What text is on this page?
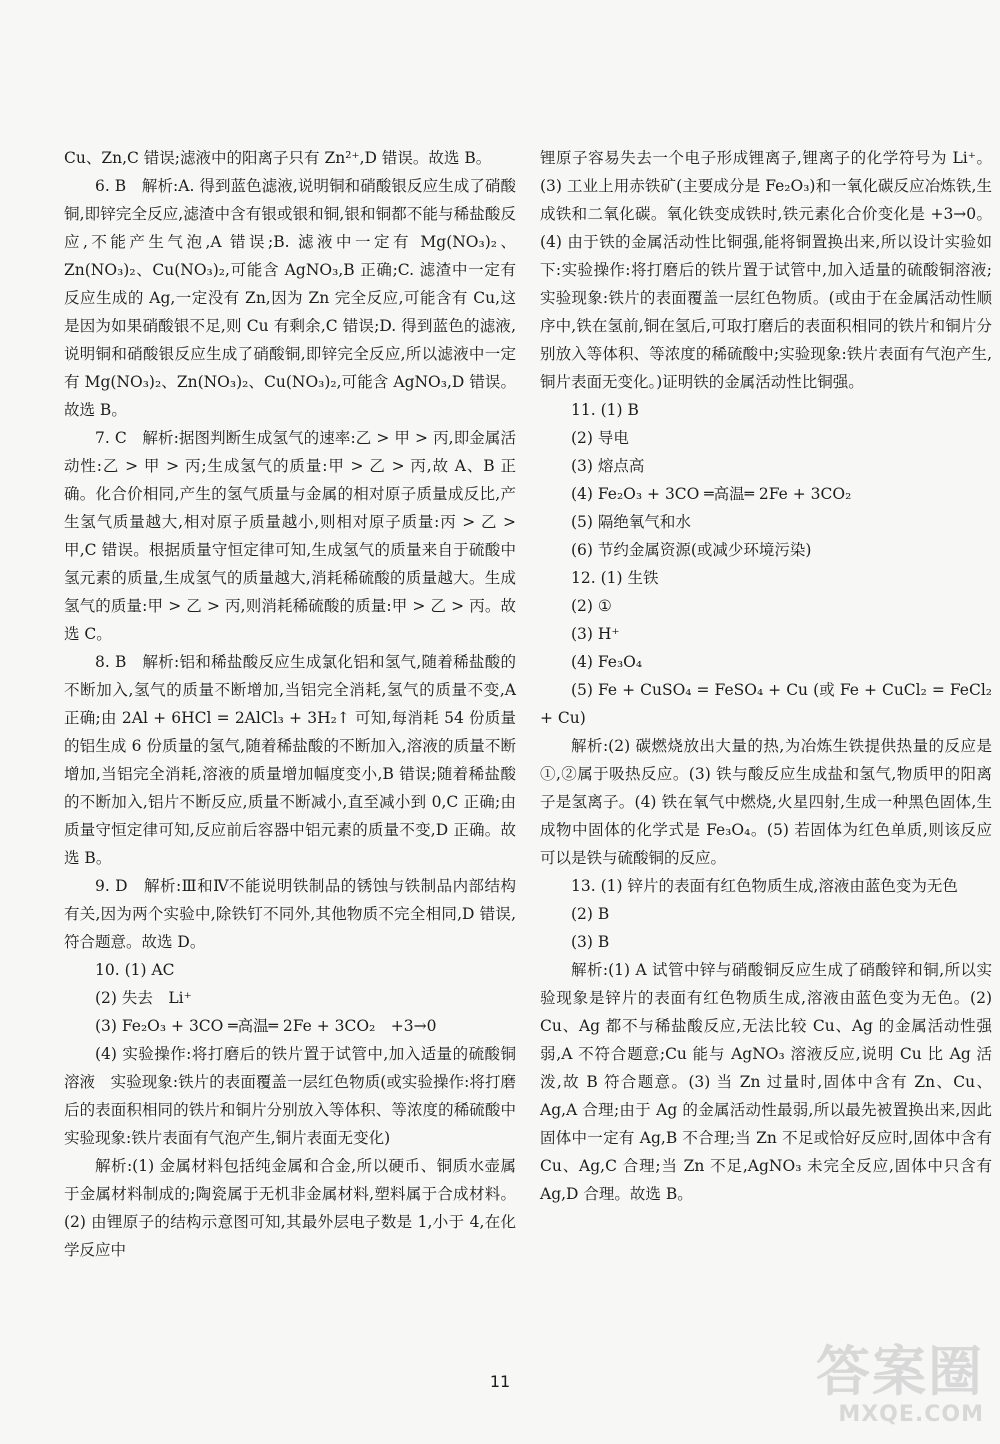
Cu、Zn,C 错误;滤液中的阳离子只有 Zn²⁺,D 错误。故选 B。

6. B　解析:A. 得到蓝色滤液,说明铜和硝酸银反应生成了硝酸铜,即锌完全反应,滤渣中含有银或银和铜,银和铜都不能与稀盐酸反应,不能产生气泡,A 错误;B. 滤液中一定有 Mg(NO₃)₂、Zn(NO₃)₂、Cu(NO₃)₂,可能含 AgNO₃,B 正确;C. 滤渣中一定有反应生成的 Ag,一定没有 Zn,因为 Zn 完全反应,可能含有 Cu,这是因为如果硝酸银不足,则 Cu 有剩余,C 错误;D. 得到蓝色的滤液,说明铜和硝酸银反应生成了硝酸铜,即锌完全反应,所以滤液中一定有 Mg(NO₃)₂、Zn(NO₃)₂、Cu(NO₃)₂,可能含 AgNO₃,D 错误。故选 B。

7. C　解析:据图判断生成氢气的速率:乙 > 甲 > 丙,即金属活动性:乙 > 甲 > 丙;生成氢气的质量:甲 > 乙 > 丙,故 A、B 正确。化合价相同,产生的氢气质量与金属的相对原子质量成反比,产生氢气质量越大,相对原子质量越小,则相对原子质量:丙 > 乙 > 甲,C 错误。根据质量守恒定律可知,生成氢气的质量来自于硫酸中氢元素的质量,生成氢气的质量越大,消耗稀硫酸的质量越大。生成氢气的质量:甲 > 乙 > 丙,则消耗稀硫酸的质量:甲 > 乙 > 丙。故选 C。

8. B　解析:铝和稀盐酸反应生成氯化铝和氢气,随着稀盐酸的不断加入,氢气的质量不断增加,当铝完全消耗,氢气的质量不变,A 正确;由 2Al + 6HCl = 2AlCl₃ + 3H₂↑ 可知,每消耗 54 份质量的铝生成 6 份质量的氢气,随着稀盐酸的不断加入,溶液的质量不断增加,当铝完全消耗,溶液的质量增加幅度变小,B 错误;随着稀盐酸的不断加入,铝片不断反应,质量不断减小,直至减小到 0,C 正确;由质量守恒定律可知,反应前后容器中铝元素的质量不变,D 正确。故选 B。

9. D　解析:Ⅲ和Ⅳ不能说明铁制品的锈蚀与铁制品内部结构有关,因为两个实验中,除铁钉不同外,其他物质不完全相同,D 错误,符合题意。故选 D。

10. (1) AC

(2) 失去　Li⁺

(3) Fe₂O₃ + 3CO ═高温═ 2Fe + 3CO₂　+3→0

(4) 实验操作:将打磨后的铁片置于试管中,加入适量的硫酸铜溶液　实验现象:铁片的表面覆盖一层红色物质(或实验操作:将打磨后的表面积相同的铁片和铜片分别放入等体积、等浓度的稀硫酸中　实验现象:铁片表面有气泡产生,铜片表面无变化)

解析:(1) 金属材料包括纯金属和合金,所以硬币、铜质水壶属于金属材料制成的;陶瓷属于无机非金属材料,塑料属于合成材料。(2) 由锂原子的结构示意图可知,其最外层电子数是 1,小于 4,在化学反应中

锂原子容易失去一个电子形成锂离子,锂离子的化学符号为 Li⁺。(3) 工业上用赤铁矿(主要成分是 Fe₂O₃)和一氧化碳反应冶炼铁,生成铁和二氧化碳。氧化铁变成铁时,铁元素化合价变化是 +3→0。(4) 由于铁的金属活动性比铜强,能将铜置换出来,所以设计实验如下:实验操作:将打磨后的铁片置于试管中,加入适量的硫酸铜溶液;实验现象:铁片的表面覆盖一层红色物质。(或由于在金属活动性顺序中,铁在氢前,铜在氢后,可取打磨后的表面积相同的铁片和铜片分别放入等体积、等浓度的稀硫酸中;实验现象:铁片表面有气泡产生,铜片表面无变化。)证明铁的金属活动性比铜强。

11. (1) B

(2) 导电

(3) 熔点高

(4) Fe₂O₃ + 3CO ═高温═ 2Fe + 3CO₂

(5) 隔绝氧气和水

(6) 节约金属资源(或减少环境污染)

12. (1) 生铁

(2) ①

(3) H⁺

(4) Fe₃O₄

(5) Fe + CuSO₄ = FeSO₄ + Cu (或 Fe + CuCl₂ = FeCl₂ + Cu)

解析:(2) 碳燃烧放出大量的热,为冶炼生铁提供热量的反应是①,②属于吸热反应。(3) 铁与酸反应生成盐和氢气,物质甲的阳离子是氢离子。(4) 铁在氧气中燃烧,火星四射,生成一种黑色固体,生成物中固体的化学式是 Fe₃O₄。(5) 若固体为红色单质,则该反应可以是铁与硫酸铜的反应。

13. (1) 锌片的表面有红色物质生成,溶液由蓝色变为无色

(2) B

(3) B

解析:(1) A 试管中锌与硝酸铜反应生成了硝酸锌和铜,所以实验现象是锌片的表面有红色物质生成,溶液由蓝色变为无色。(2) Cu、Ag 都不与稀盐酸反应,无法比较 Cu、Ag 的金属活动性强弱,A 不符合题意;Cu 能与 AgNO₃ 溶液反应,说明 Cu 比 Ag 活泼,故 B 符合题意。(3) 当 Zn 过量时,固体中含有 Zn、Cu、Ag,A 合理;由于 Ag 的金属活动性最弱,所以最先被置换出来,因此固体中一定有 Ag,B 不合理;当 Zn 不足或恰好反应时,固体中含有 Cu、Ag,C 合理;当 Zn 不足,AgNO₃ 未完全反应,固体中只含有 Ag,D 合理。故选 B。

11	答案圈
MXQE.COM
